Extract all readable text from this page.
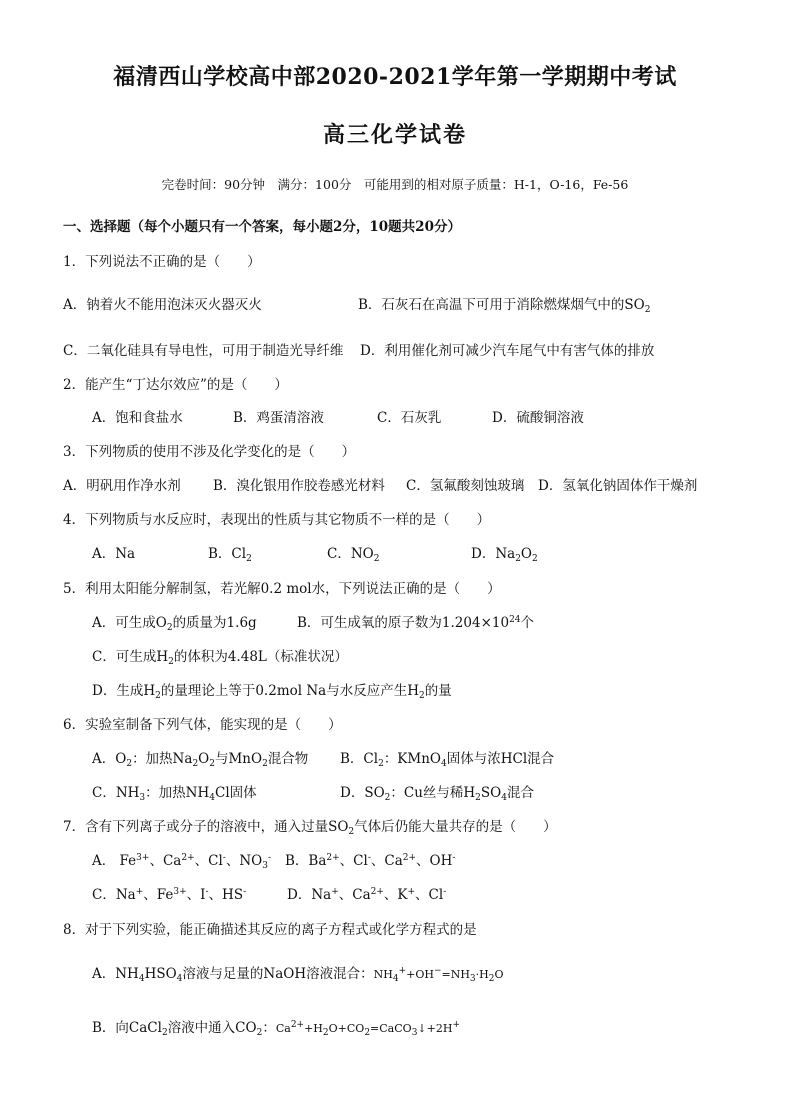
福清西山学校高中部2020-2021学年第一学期期中考试
高三化学试卷
完卷时间：90分钟　满分：100分　可能用到的相对原子质量：H-1，O-16，Fe-56
一、选择题（每个小题只有一个答案，每小题2分，10题共20分）
1．下列说法不正确的是（　　）
A．钠着火不能用泡沫灭火器灭火	B．石灰石在高温下可用于消除燃煤烟气中的$SO_2$
C．二氧化硅具有导电性，可用于制造光导纤维 D．利用催化剂可减少汽车尾气中有害气体的排放
2．能产生“丁达尔效应”的是（　　）
A．饱和食盐水	B．鸡蛋清溶液	C．石灰乳	D．硫酸铜溶液
3．下列物质的使用不涉及化学变化的是（　　）
A．明矾用作净水剂 B．溴化银用作胶卷感光材料 C．氢氟酸刻蚀玻璃 D．氢氧化钠固体作干燥剂
4．下列物质与水反应时，表现出的性质与其它物质不一样的是（　　）
A．Na	B．$Cl_2$	C．$NO_2$	D．$Na_2O_2$
5．利用太阳能分解制氢，若光解0.2 mol水，下列说法正确的是（　　）
A．可生成$O_2$的质量为1.6g	B．可生成氧的原子数为$1.204\times 10^{24}$个
C．可生成$H_2$的体积为4.48L（标准状况）
D．生成$H_2$的量理论上等于0.2mol Na与水反应产生$H_2$的量
6．实验室制备下列气体，能实现的是（　　）
A．$O_2$：加热$Na_2O_2$与MnO$_2$混合物 B．$Cl_2$：KMnO$_4$固体与浓HCl混合
C．$NH_3$：加热$NH_4Cl$固体	D．$SO_2$：Cu丝与稀$H_2SO_4$混合
7．含有下列离子或分子的溶液中，通入过量$SO_2$气体后仍能大量共存的是（　　）
A． $Fe^{3+}$、$Ca^{2+}$、Cl-、$NO_3^-$ B．$Ba^{2+}$、Cl-、$Ca^{2+}$、OH-
C．Na+、$Fe^{3+}$、I-、HS-	D．Na+、$Ca^{2+}$、K+、Cl-
8．对于下列实验，能正确描述其反应的离子方程式或化学方程式的是
A．$NH_4HSO_4$溶液与足量的NaOH溶液混合：$NH_4^++OH^-=NH_3\cdot H_2O$
B．向CaCl$_2$溶液中通入$CO_2$：$Ca^{2+}+H_2O+CO_2=CaCO_3↓+2H^+$
